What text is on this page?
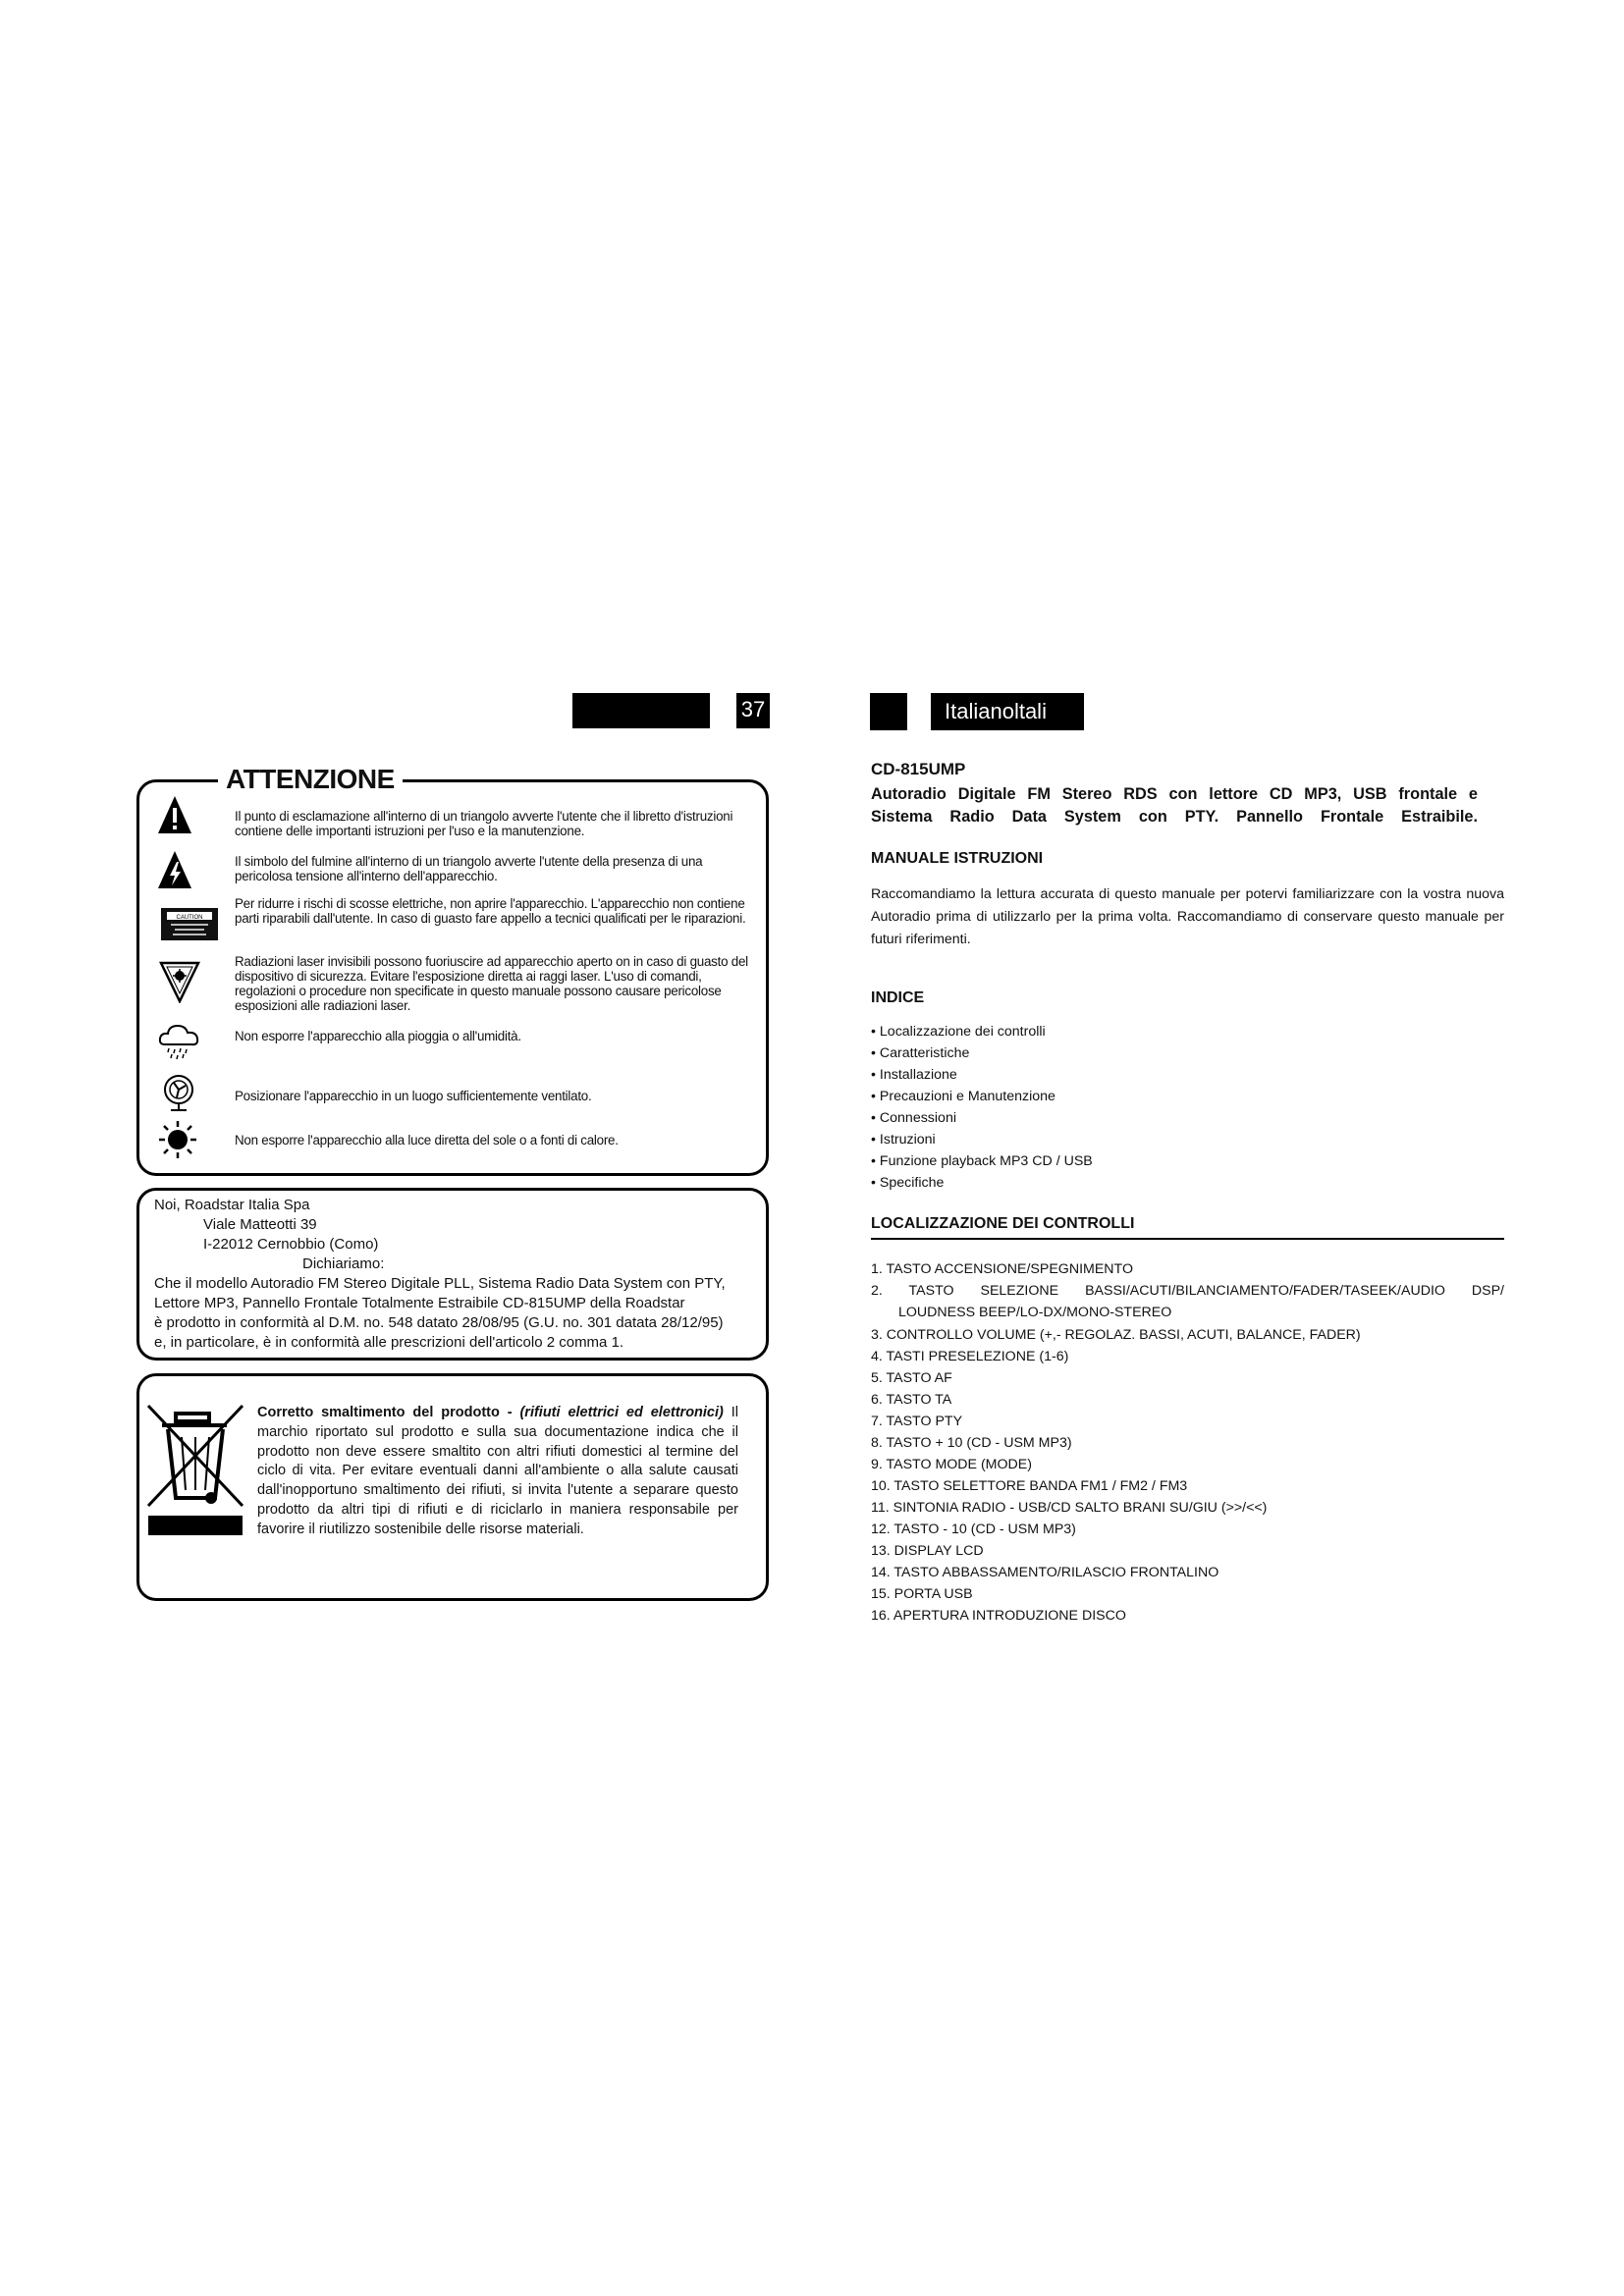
37	Italianoltali
ATTENZIONE
Il punto di esclamazione all'interno di un triangolo avverte l'utente che il libretto d'istruzioni contiene delle importanti istruzioni per l'uso e la manutenzione.
Il simbolo del fulmine all'interno di un triangolo avverte l'utente della presenza di una pericolosa tensione all'interno dell'apparecchio.
CAUTION
Per ridurre i rischi di scosse elettriche, non aprire l'apparecchio. L'apparecchio non contiene parti riparabili dall'utente. In caso di guasto fare appello a tecnici qualificati per le riparazioni.
Radiazioni laser invisibili possono fuoriuscire ad apparecchio aperto on in caso di guasto del dispositivo di sicurezza. Evitare l'esposizione diretta ai raggi laser. L'uso di comandi, regolazioni o procedure non specificate in questo manuale possono causare pericolose esposizioni alle radiazioni laser.
Non esporre l'apparecchio alla pioggia o all'umidità.
Posizionare l'apparecchio in un luogo sufficientemente ventilato.
Non esporre l'apparecchio alla luce diretta del sole o a fonti di calore.
Noi, Roadstar Italia Spa
Viale Matteotti 39
I-22012 Cernobbio (Como)
Dichiariamo:
Che il modello Autoradio FM Stereo Digitale PLL, Sistema Radio Data System con PTY,
Lettore MP3, Pannello Frontale Totalmente Estraibile CD-815UMP della Roadstar
è prodotto in conformità al D.M. no. 548 datato 28/08/95 (G.U. no. 301 datata 28/12/95)
e, in particolare, è in conformità alle prescrizioni dell'articolo 2 comma 1.
Corretto smaltimento del prodotto - (rifiuti elettrici ed elettronici) Il marchio riportato sul prodotto e sulla sua documentazione indica che il prodotto non deve essere smaltito con altri rifiuti domestici al termine del ciclo di vita. Per evitare eventuali danni all'ambiente o alla salute causati dall'inopportuno smaltimento dei rifiuti, si invita l'utente a separare questo prodotto da altri tipi di rifiuti e di riciclarlo in maniera responsabile per favorire il riutilizzo sostenibile delle risorse materiali.
CD-815UMP
Autoradio Digitale FM Stereo RDS con lettore CD MP3, USB frontale e
Sistema Radio Data System con PTY. Pannello Frontale Estraibile.
MANUALE ISTRUZIONI
Raccomandiamo la lettura accurata di questo manuale per potervi familiarizzare con la vostra nuova Autoradio prima di utilizzarlo per la prima volta. Raccomandiamo di conservare questo manuale per futuri riferimenti.
INDICE
• Localizzazione dei controlli
• Caratteristiche
• Installazione
• Precauzioni e Manutenzione
• Connessioni
• Istruzioni
• Funzione playback MP3 CD / USB
• Specifiche
LOCALIZZAZIONE DEI CONTROLLI
1. TASTO ACCENSIONE/SPEGNIMENTO
2. TASTO SELEZIONE BASSI/ACUTI/BILANCIAMENTO/FADER/TASEEK/AUDIO DSP/
LOUDNESS BEEP/LO-DX/MONO-STEREO
3. CONTROLLO VOLUME (+,- REGOLAZ. BASSI, ACUTI, BALANCE, FADER)
4. TASTI PRESELEZIONE (1-6)
5. TASTO AF
6. TASTO TA
7. TASTO PTY
8. TASTO + 10 (CD - USM MP3)
9. TASTO MODE (MODE)
10. TASTO SELETTORE BANDA FM1 / FM2 / FM3
11. SINTONIA RADIO - USB/CD SALTO BRANI SU/GIU (>>/<<)
12. TASTO - 10 (CD - USM MP3)
13. DISPLAY LCD
14. TASTO ABBASSAMENTO/RILASCIO FRONTALINO
15. PORTA USB
16. APERTURA INTRODUZIONE DISCO
